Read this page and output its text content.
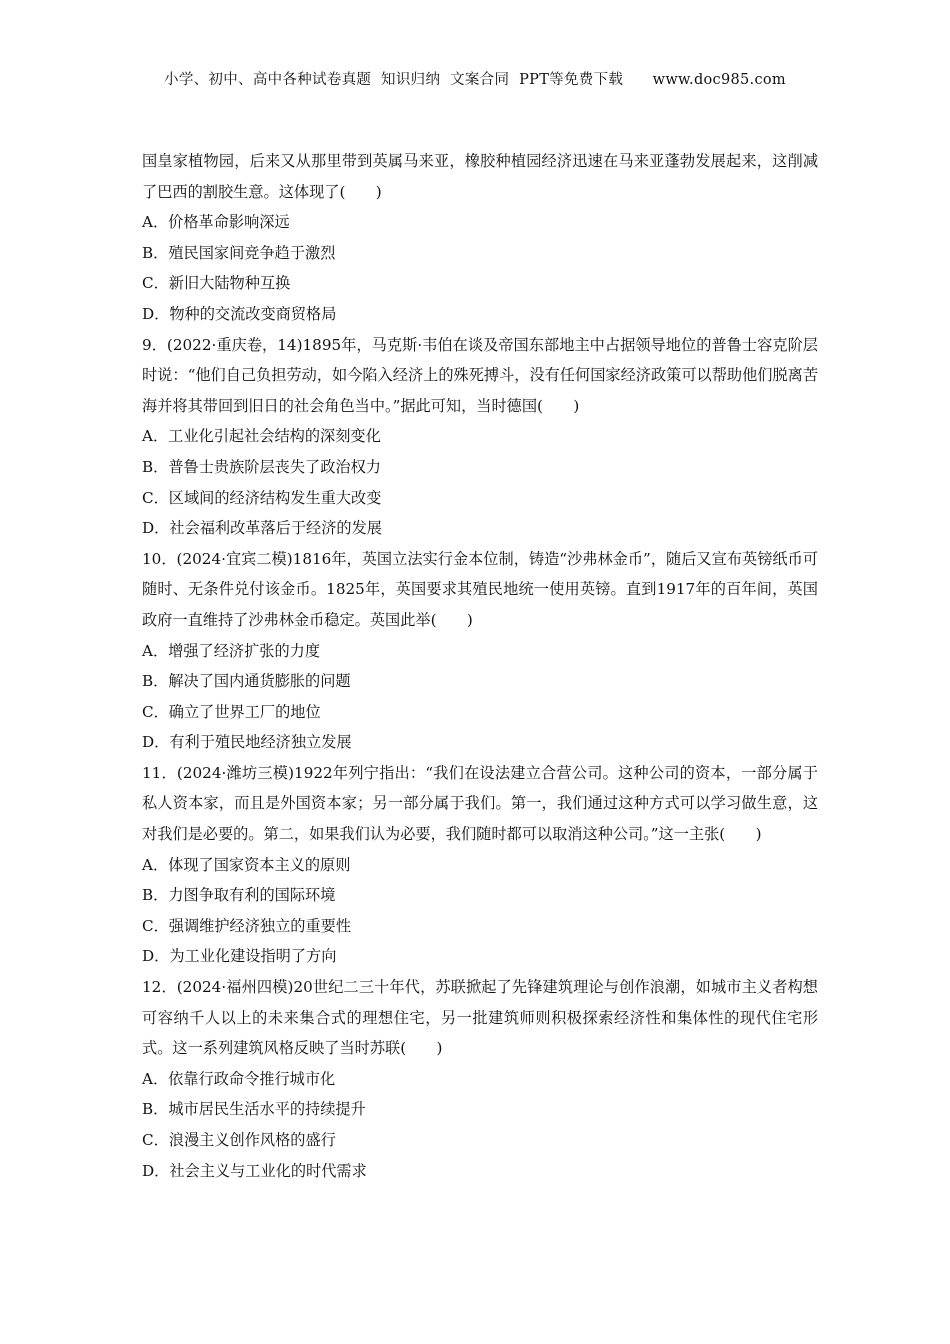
小学、初中、高中各种试卷真题  知识归纳  文案合同  PPT等免费下载      www.doc985.com

国皇家植物园，后来又从那里带到英属马来亚，橡胶种植园经济迅速在马来亚蓬勃发展起来，这削减了巴西的割胶生意。这体现了(　　)

A．价格革命影响深远

B．殖民国家间竞争趋于激烈

C．新旧大陆物种互换

D．物种的交流改变商贸格局

9．(2022·重庆卷，14)1895年，马克斯·韦伯在谈及帝国东部地主中占据领导地位的普鲁士容克阶层时说：“他们自己负担劳动，如今陷入经济上的殊死搏斗，没有任何国家经济政策可以帮助他们脱离苦海并将其带回到旧日的社会角色当中。”据此可知，当时德国(　　)

A．工业化引起社会结构的深刻变化

B．普鲁士贵族阶层丧失了政治权力

C．区域间的经济结构发生重大改变

D．社会福利改革落后于经济的发展

10．(2024·宜宾二模)1816年，英国立法实行金本位制，铸造“沙弗林金币”，随后又宣布英镑纸币可随时、无条件兑付该金币。1825年，英国要求其殖民地统一使用英镑。直到1917年的百年间，英国政府一直维持了沙弗林金币稳定。英国此举(　　)

A．增强了经济扩张的力度

B．解决了国内通货膨胀的问题

C．确立了世界工厂的地位

D．有利于殖民地经济独立发展

11．(2024·潍坊三模)1922年列宁指出：“我们在设法建立合营公司。这种公司的资本，一部分属于私人资本家，而且是外国资本家；另一部分属于我们。第一，我们通过这种方式可以学习做生意，这对我们是必要的。第二，如果我们认为必要，我们随时都可以取消这种公司。”这一主张(　　)

A．体现了国家资本主义的原则

B．力图争取有利的国际环境

C．强调维护经济独立的重要性

D．为工业化建设指明了方向

12．(2024·福州四模)20世纪二三十年代，苏联掀起了先锋建筑理论与创作浪潮，如城市主义者构想可容纳千人以上的未来集合式的理想住宅，另一批建筑师则积极探索经济性和集体性的现代住宅形式。这一系列建筑风格反映了当时苏联(　　)

A．依靠行政命令推行城市化

B．城市居民生活水平的持续提升

C．浪漫主义创作风格的盛行

D．社会主义与工业化的时代需求
